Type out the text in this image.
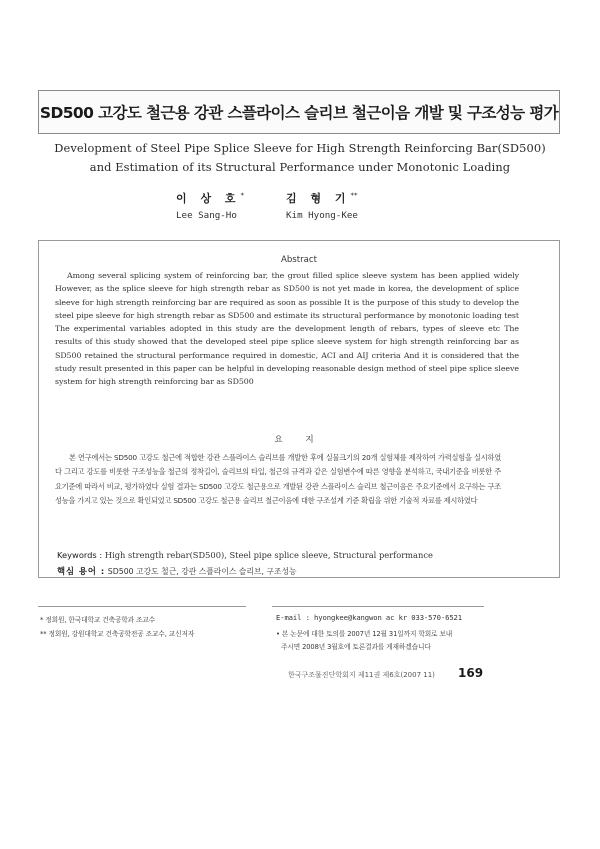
SD500 고강도 철근용 강관 스플라이스 슬리브 철근이음 개발 및 구조성능 평가
Development of Steel Pipe Splice Sleeve for High Strength Reinforcing Bar(SD500)
and Estimation of its Structural Performance under Monotonic Loading
이 상 호*
Lee Sang-Ho
김 형 기**
Kim Hyong-Kee
Abstract
Among several splicing system of reinforcing bar, the grout filled splice sleeve system has been applied widely However, as the splice sleeve for high strength rebar as SD500 is not yet made in korea, the development of splice sleeve for high strength reinforcing bar are required as soon as possible It is the purpose of this study to develop the steel pipe sleeve for high strength rebar as SD500 and estimate its structural performance by monotonic loading test The experimental variables adopted in this study are the development length of rebars, types of sleeve etc The results of this study showed that the developed steel pipe splice sleeve system for high strength reinforcing bar as SD500 retained the structural performance required in domestic, ACI and AIJ criteria And it is considered that the study result presented in this paper can be helpful in developing reasonable design method of steel pipe splice sleeve system for high strength reinforcing bar as SD500
요 지
본 연구에서는 SD500 고강도 철근에 적합한 강관 스플라이스 슬리브를 개발한 후에 실물크기의 20개 실험체를 제작하여 가력실험을 실시하였다 그리고 강도를 비롯한 구조성능을 철근의 정착길이, 슬리브의 타입, 철근의 규격과 같은 실험변수에 따른 영향을 분석하고, 국내기준을 비롯한 주요기준에 따라서 비교, 평가하였다 실험 결과는 SD500 고강도 철근용으로 개발된 강관 스플라이스 슬리브 철근이음은 주요기준에서 요구하는 구조성능을 가지고 있는 것으로 확인되었고 SD500 고강도 철근용 슬리브 철근이음에 대한 구조설계 기준 확립을 위한 기술적 자료를 제시하였다
Keywords : High strength rebar(SD500), Steel pipe splice sleeve, Structural performance
핵심 용어 : SD500 고강도 철근, 강관 스플라이스 슬리브, 구조성능
* 정회원, 한국대학교 건축공학과 조교수
** 정회원, 강원대학교 건축공학전공 조교수, 교신저자
E-mail : hyongkee@kangwon ac kr 033-570-6521
• 본 논문에 대한 토의를 2007년 12월 31일까지 학회로 보내
주시면 2008년 3월호에 토론결과를 게재하겠습니다
한국구조물진단학회지 제11권 제6호(2007 11) 169
